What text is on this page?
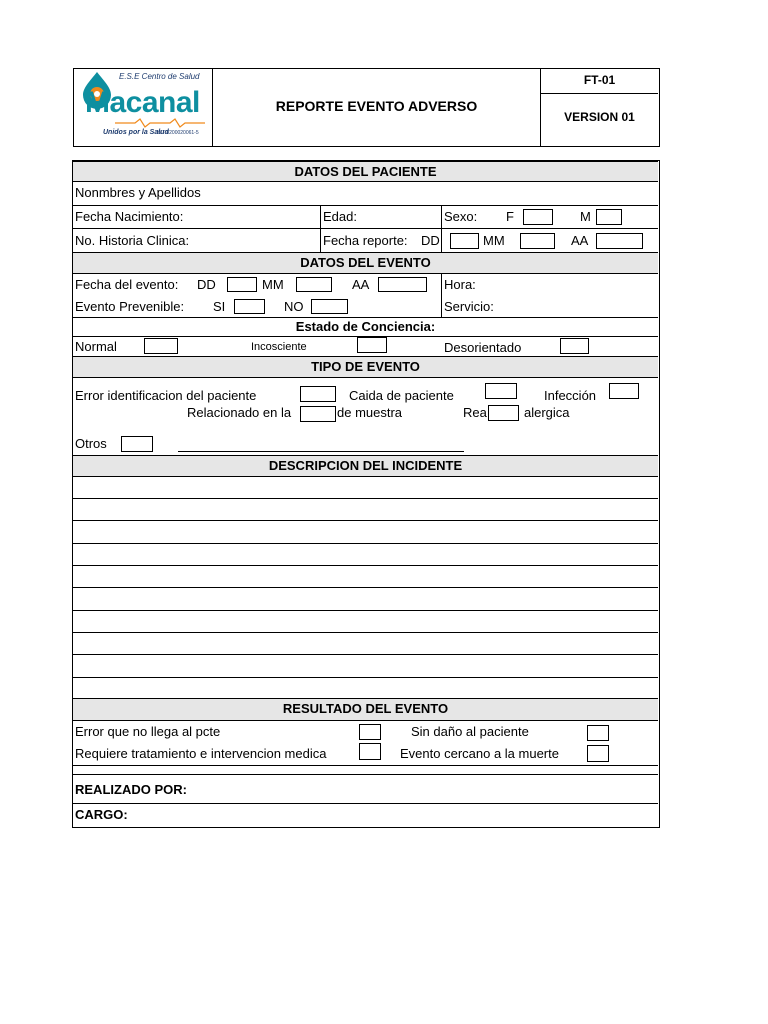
E.S.E Centro de Salud
Macanal
Unidos por la Salud
NIT 8200020061-5
REPORTE EVENTO ADVERSO
FT-01
VERSION 01
DATOS DEL PACIENTE
Nonmbres y Apellidos
Fecha Nacimiento:	Edad:	Sexo: F	M
No. Historia Clinica:	Fecha reporte: DD	MM	AA
DATOS DEL EVENTO
Fecha del evento: DD	MM	AA	Hora:
Evento Prevenible: SI	NO	Servicio:
Estado de Conciencia:
Normal	Incosciente	Desorientado
TIPO DE EVENTO
Error identificacion del paciente	Caida de paciente	Infección
Relacionado en la	de muestra	Rea	alergica
Otros
DESCRIPCION DEL INCIDENTE
RESULTADO DEL EVENTO
Error que no llega al pcte	Sin daño al paciente
Requiere tratamiento e intervencion medica	Evento cercano a la muerte
REALIZADO POR:
CARGO:
